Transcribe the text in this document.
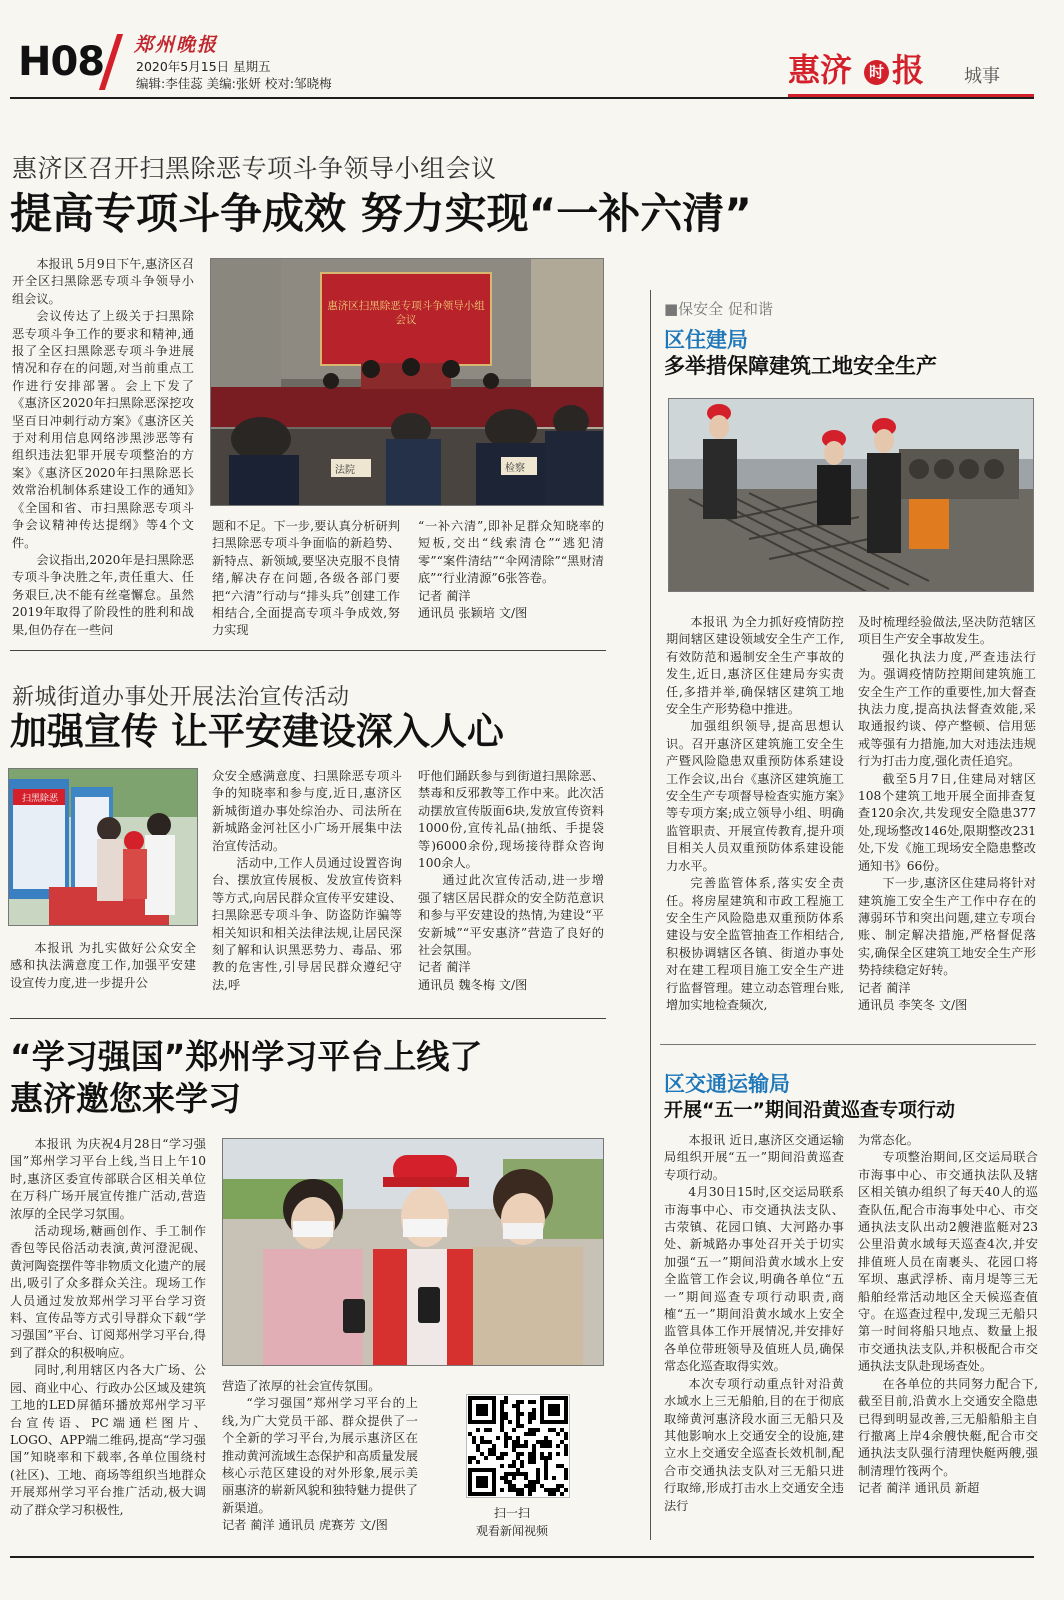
H08 郑州晚报
2020年5月15日 星期五
编辑:李佳蕊 美编:张妍 校对:邹晓梅	惠济	时 报 城事
惠济区召开扫黑除恶专项斗争领导小组会议
提高专项斗争成效 努力实现“一补六清”

本报讯 5月9日下午,惠济区召开全区扫黑除恶专项斗争领导小组会议。

会议传达了上级关于扫黑除恶专项斗争工作的要求和精神,通报了全区扫黑除恶专项斗争进展情况和存在的问题,对当前重点工作进行安排部署。会上下发了《惠济区2020年扫黑除恶深挖攻坚百日冲刺行动方案》《惠济区关于对利用信息网络涉黑涉恶等有组织违法犯罪开展专项整治的方案》《惠济区2020年扫黑除恶长效常治机制体系建设工作的通知》《全国和省、市扫黑除恶专项斗争会议精神传达提纲》等4个文件。

会议指出,2020年是扫黑除恶专项斗争决胜之年,责任重大、任务艰巨,决不能有丝毫懈怠。虽然2019年取得了阶段性的胜利和战果,但仍存在一些问

惠济区扫黑除恶专项斗争领导小组会议
法院	检察

题和不足。下一步,要认真分析研判扫黑除恶专项斗争面临的新趋势、新特点、新领域,要坚决克服不良情绪,解决存在问题,各级各部门要把“六清”行动与“排头兵”创建工作相结合,全面提高专项斗争成效,努力实现

“一补六清”,即补足群众知晓率的短板,交出“线索清仓”“逃犯清零”“案件清结”“伞网清除”“黑财清底”“行业清源”6张答卷。

记者 蔺洋

通讯员 张颖培 文/图

新城街道办事处开展法治宣传活动
加强宣传 让平安建设深入人心
扫黑除恶

本报讯 为扎实做好公众安全感和执法满意度工作,加强平安建设宣传力度,进一步提升公

众安全感满意度、扫黑除恶专项斗争的知晓率和参与度,近日,惠济区新城街道办事处综治办、司法所在新城路金河社区小广场开展集中法治宣传活动。

活动中,工作人员通过设置咨询台、摆放宣传展板、发放宣传资料等方式,向居民群众宣传平安建设、扫黑除恶专项斗争、防盗防诈骗等相关知识和相关法律法规,让居民深刻了解和认识黑恶势力、毒品、邪教的危害性,引导居民群众遵纪守法,呼

吁他们踊跃参与到街道扫黑除恶、禁毒和反邪教等工作中来。此次活动摆放宣传版面6块,发放宣传资料1000份,宣传礼品(抽纸、手提袋等)6000余份,现场接待群众咨询100余人。

通过此次宣传活动,进一步增强了辖区居民群众的安全防范意识和参与平安建设的热情,为建设“平安新城”“平安惠济”营造了良好的社会氛围。

记者 蔺洋

通讯员 魏冬梅 文/图

“学习强国”郑州学习平台上线了
惠济邀您来学习

本报讯 为庆祝4月28日“学习强国”郑州学习平台上线,当日上午10时,惠济区委宣传部联合区相关单位在万科广场开展宣传推广活动,营造浓厚的全民学习氛围。

活动现场,糖画创作、手工制作香包等民俗活动表演,黄河澄泥砚、黄河陶瓷摆件等非物质文化遗产的展出,吸引了众多群众关注。现场工作人员通过发放郑州学习平台学习资料、宣传品等方式引导群众下载“学习强国”平台、订阅郑州学习平台,得到了群众的积极响应。

同时,利用辖区内各大广场、公园、商业中心、行政办公区域及建筑工地的LED屏循环播放郑州学习平台宣传语、PC端通栏图片、LOGO、APP端二维码,提高“学习强国”知晓率和下载率,各单位围绕村(社区)、工地、商场等组织当地群众开展郑州学习平台推广活动,极大调动了群众学习积极性,

营造了浓厚的社会宣传氛围。

“学习强国”郑州学习平台的上线,为广大党员干部、群众提供了一个全新的学习平台,为展示惠济区在推动黄河流域生态保护和高质量发展核心示范区建设的对外形象,展示美丽惠济的崭新风貌和独特魅力提供了新渠道。

记者 蔺洋 通讯员 虎赛芳 文/图

扫一扫
观看新闻视频
■保安全 促和谐
区住建局
多举措保障建筑工地安全生产

本报讯 为全力抓好疫情防控期间辖区建设领域安全生产工作,有效防范和遏制安全生产事故的发生,近日,惠济区住建局夯实责任,多措并举,确保辖区建筑工地安全生产形势稳中推进。

加强组织领导,提高思想认识。召开惠济区建筑施工安全生产暨风险隐患双重预防体系建设工作会议,出台《惠济区建筑施工安全生产专项督导检查实施方案》等专项方案;成立领导小组、明确监管职责、开展宣传教育,提升项目相关人员双重预防体系建设能力水平。

完善监管体系,落实安全责任。将房屋建筑和市政工程施工安全生产风险隐患双重预防体系建设与安全监管抽查工作相结合,积极协调辖区各镇、街道办事处对在建工程项目施工安全生产进行监督管理。建立动态管理台账,增加实地检查频次,

及时梳理经验做法,坚决防范辖区项目生产安全事故发生。

强化执法力度,严查违法行为。强调疫情防控期间建筑施工安全生产工作的重要性,加大督查执法力度,提高执法督查效能,采取通报约谈、停产整顿、信用惩戒等强有力措施,加大对违法违规行为打击力度,强化责任追究。

截至5月7日,住建局对辖区108个建筑工地开展全面排查复查120余次,共发现安全隐患377处,现场整改146处,限期整改231处,下发《施工现场安全隐患整改通知书》66份。

下一步,惠济区住建局将针对建筑施工安全生产工作中存在的薄弱环节和突出问题,建立专项台账、制定解决措施,严格督促落实,确保全区建筑工地安全生产形势持续稳定好转。

记者 蔺洋

通讯员 李笑冬 文/图

区交通运输局
开展“五一”期间沿黄巡查专项行动

本报讯 近日,惠济区交通运输局组织开展“五一”期间沿黄巡查专项行动。

4月30日15时,区交运局联系市海事中心、市交通执法支队、古荥镇、花园口镇、大河路办事处、新城路办事处召开关于切实加强“五一”期间沿黄水域水上安全监管工作会议,明确各单位“五一”期间巡查专项行动职责,商榷“五一”期间沿黄水域水上安全监管具体工作开展情况,并安排好各单位带班领导及值班人员,确保常态化巡查取得实效。

本次专项行动重点针对沿黄水域水上三无船舶,目的在于彻底取缔黄河惠济段水面三无船只及其他影响水上交通安全的设施,建立水上交通安全巡查长效机制,配合市交通执法支队对三无船只进行取缔,形成打击水上交通安全违法行

为常态化。

专项整治期间,区交运局联合市海事中心、市交通执法队及辖区相关镇办组织了每天40人的巡查队伍,配合市海事处中心、市交通执法支队出动2艘港监艇对23公里沿黄水域每天巡查4次,并安排值班人员在南裹头、花园口将军坝、惠武浮桥、南月堤等三无船舶经常活动地区全天候巡查值守。在巡查过程中,发现三无船只第一时间将船只地点、数量上报市交通执法支队,并积极配合市交通执法支队赴现场查处。

在各单位的共同努力配合下,截至目前,沿黄水上交通安全隐患已得到明显改善,三无船船船主自行撤离上岸4余艘快艇,配合市交通执法支队强行清理快艇两艘,强制清理竹筏两个。

记者 蔺洋 通讯员 新超
